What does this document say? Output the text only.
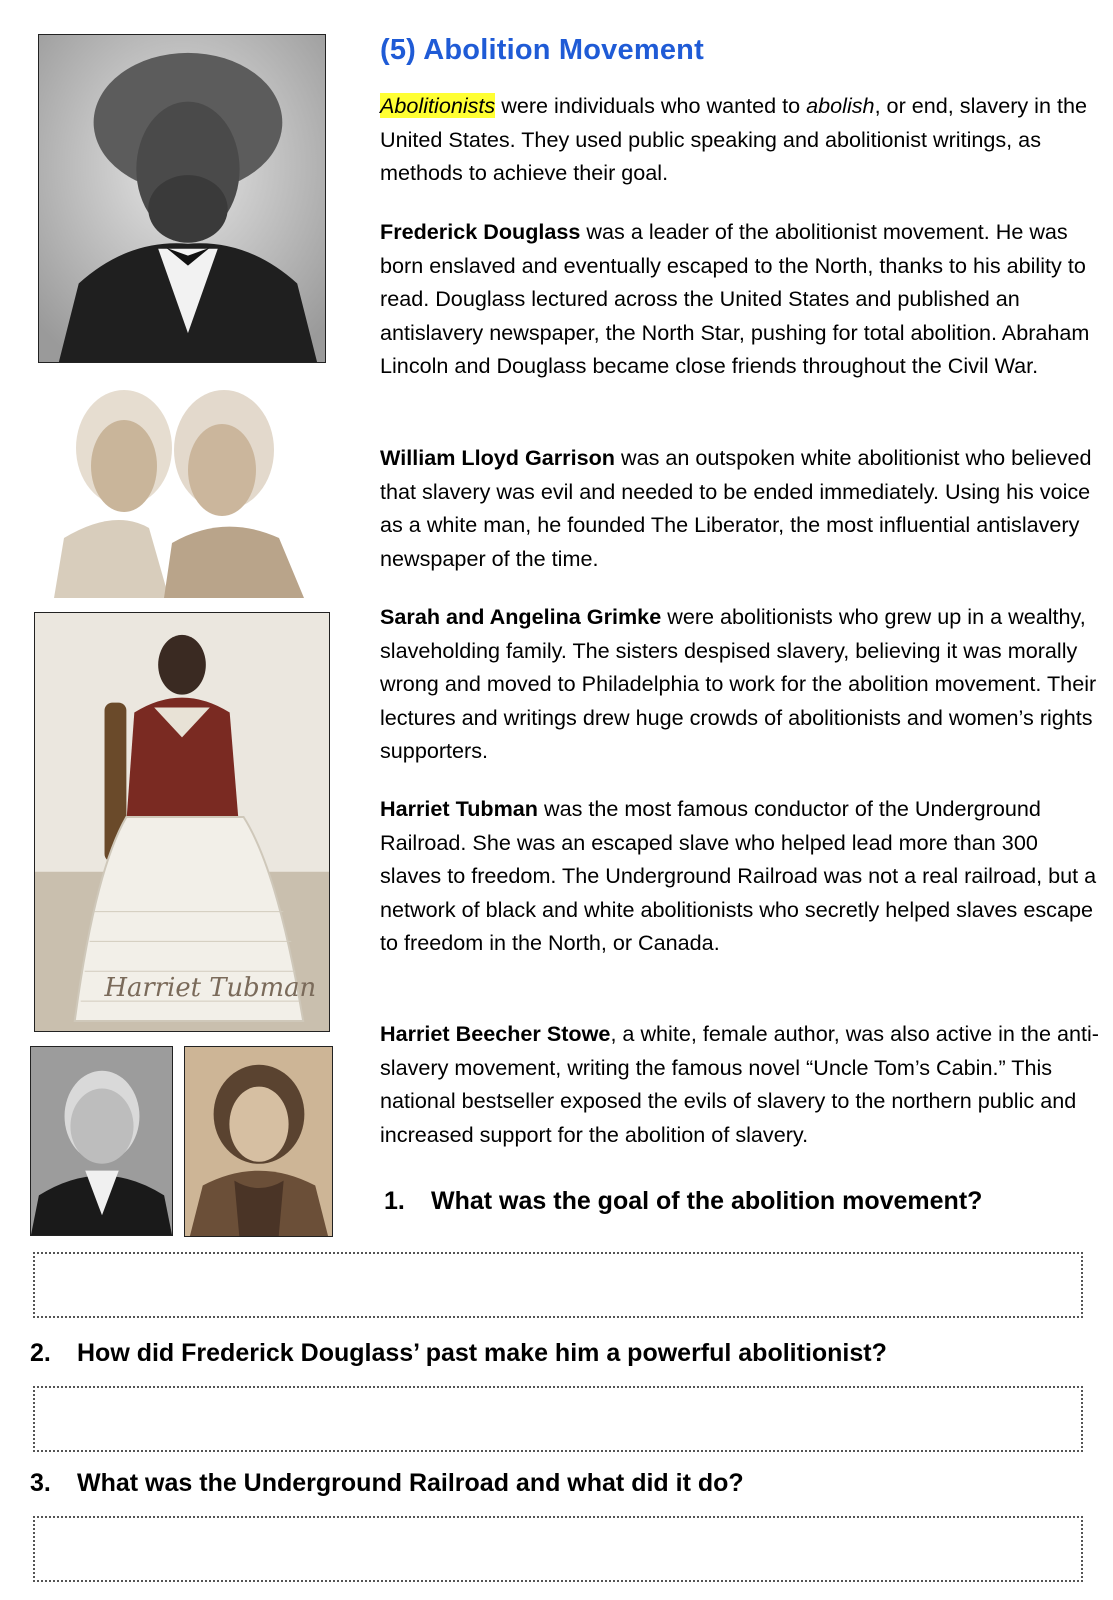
Harriet Tubman
(5) Abolition Movement

Abolitionists were individuals who wanted to abolish, or end, slavery in the United States. They used public speaking and abolitionist writings, as methods to achieve their goal.

Frederick Douglass was a leader of the abolitionist movement. He was born enslaved and eventually escaped to the North, thanks to his ability to read. Douglass lectured across the United States and published an antislavery newspaper, the North Star, pushing for total abolition. Abraham Lincoln and Douglass became close friends throughout the Civil War.

William Lloyd Garrison was an outspoken white abolitionist who believed that slavery was evil and needed to be ended immediately. Using his voice as a white man, he founded The Liberator, the most influential antislavery newspaper of the time.

Sarah and Angelina Grimke were abolitionists who grew up in a wealthy, slaveholding family. The sisters despised slavery, believing it was morally wrong and moved to Philadelphia to work for the abolition movement. Their lectures and writings drew huge crowds of abolitionists and women’s rights supporters.

Harriet Tubman was the most famous conductor of the Underground Railroad. She was an escaped slave who helped lead more than 300 slaves to freedom. The Underground Railroad was not a real railroad, but a network of black and white abolitionists who secretly helped slaves escape to freedom in the North, or Canada.

Harriet Beecher Stowe, a white, female author, was also active in the anti-slavery movement, writing the famous novel “Uncle Tom’s Cabin.” This national bestseller exposed the evils of slavery to the northern public and increased support for the abolition of slavery.

1. What was the goal of the abolition movement?

2. How did Frederick Douglass’ past make him a powerful abolitionist?

3. What was the Underground Railroad and what did it do?
